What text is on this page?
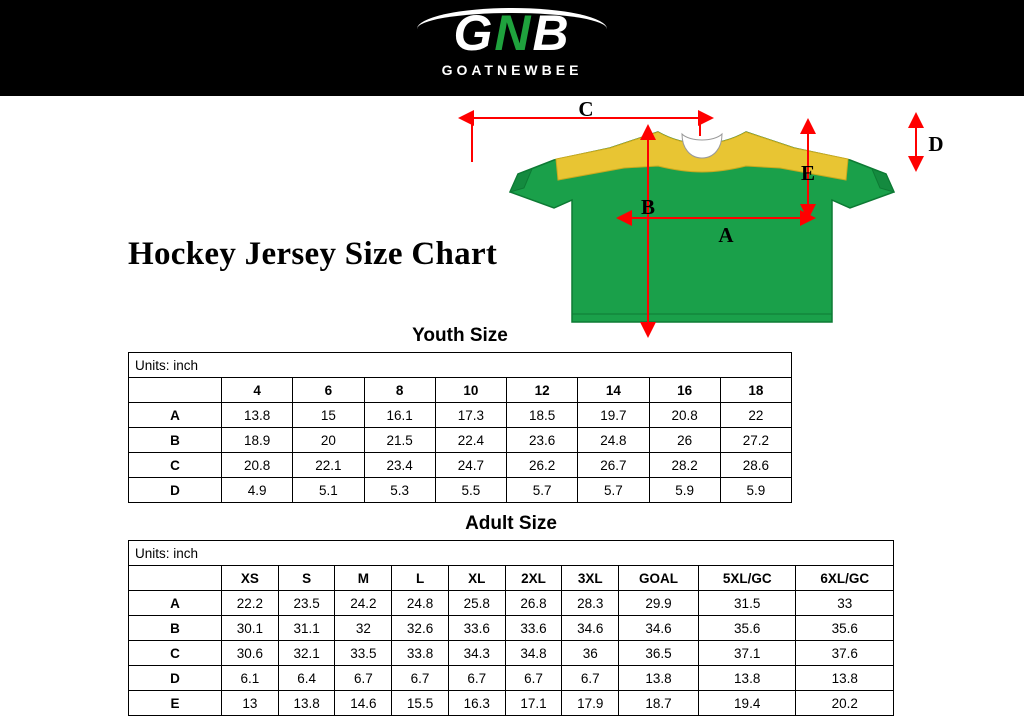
GNB
GOATNEWBEE
Hockey Jersey Size Chart
C
D
E
B
A
Youth Size
Units: inch								
	4	6	8	10	12	14	16	18
A	13.8	15	16.1	17.3	18.5	19.7	20.8	22
B	18.9	20	21.5	22.4	23.6	24.8	26	27.2
C	20.8	22.1	23.4	24.7	26.2	26.7	28.2	28.6
D	4.9	5.1	5.3	5.5	5.7	5.7	5.9	5.9
Adult Size
Units: inch										
	XS	S	M	L	XL	2XL	3XL	GOAL	5XL/GC	6XL/GC
A	22.2	23.5	24.2	24.8	25.8	26.8	28.3	29.9	31.5	33
B	30.1	31.1	32	32.6	33.6	33.6	34.6	34.6	35.6	35.6
C	30.6	32.1	33.5	33.8	34.3	34.8	36	36.5	37.1	37.6
D	6.1	6.4	6.7	6.7	6.7	6.7	6.7	13.8	13.8	13.8
E	13	13.8	14.6	15.5	16.3	17.1	17.9	18.7	19.4	20.2
